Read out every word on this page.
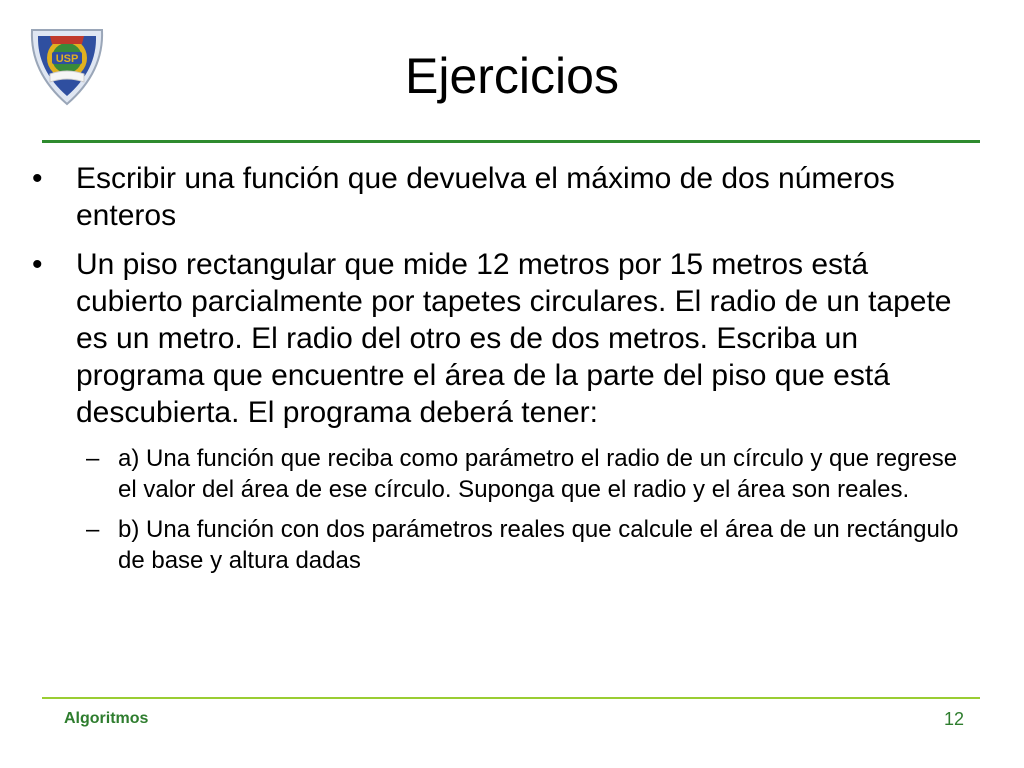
USP	Ejercicios
•	Escribir una función que devuelva el máximo de dos números enteros
•	Un piso rectangular que mide 12 metros por 15 metros está cubierto parcialmente por tapetes circulares. El radio de un tapete es un metro. El radio del otro es de dos metros. Escriba un programa que encuentre el área de la parte del piso que está descubierta. El programa deberá tener:
– a) Una función que reciba como parámetro el radio de un círculo y que regrese el valor del área de ese círculo. Suponga que el radio y el área son reales.
– b) Una función con dos parámetros reales que calcule el área de un rectángulo de base y altura dadas
Algoritmos	12
